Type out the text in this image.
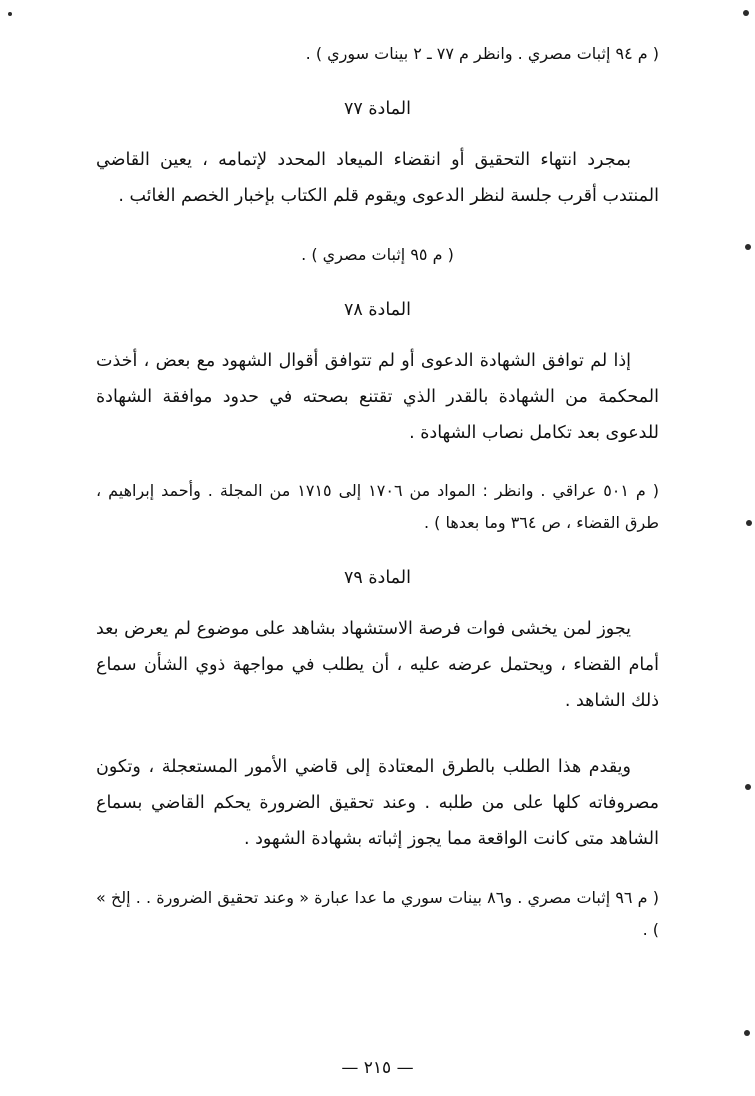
( م ٩٤ إثبات مصري . وانظر م ٧٧ ـ ٢ بينات سوري ) .
المادة ٧٧
بمجرد انتهاء التحقيق أو انقضاء الميعاد المحدد لإتمامه ، يعين القاضي المنتدب أقرب جلسة لنظر الدعوى ويقوم قلم الكتاب بإخبار الخصم الغائب .
( م ٩٥ إثبات مصري ) .
المادة ٧٨
إذا لم توافق الشهادة الدعوى أو لم تتوافق أقوال الشهود مع بعض ، أخذت المحكمة من الشهادة بالقدر الذي تقتنع بصحته في حدود موافقة الشهادة للدعوى بعد تكامل نصاب الشهادة .
( م ٥٠١ عراقي . وانظر : المواد من ١٧٠٦ إلى ١٧١٥ من المجلة . وأحمد إبراهيم ، طرق القضاء ، ص ٣٦٤ وما بعدها ) .
المادة ٧٩
يجوز لمن يخشى فوات فرصة الاستشهاد بشاهد على موضوع لم يعرض بعد أمام القضاء ، ويحتمل عرضه عليه ، أن يطلب في مواجهة ذوي الشأن سماع ذلك الشاهد .
ويقدم هذا الطلب بالطرق المعتادة إلى قاضي الأمور المستعجلة ، وتكون مصروفاته كلها على من طلبه . وعند تحقيق الضرورة يحكم القاضي بسماع الشاهد متى كانت الواقعة مما يجوز إثباته بشهادة الشهود .
( م ٩٦ إثبات مصري . و٨٦ بينات سوري ما عدا عبارة « وعند تحقيق الضرورة . . إلخ » ) .
— ٢١٥ —
